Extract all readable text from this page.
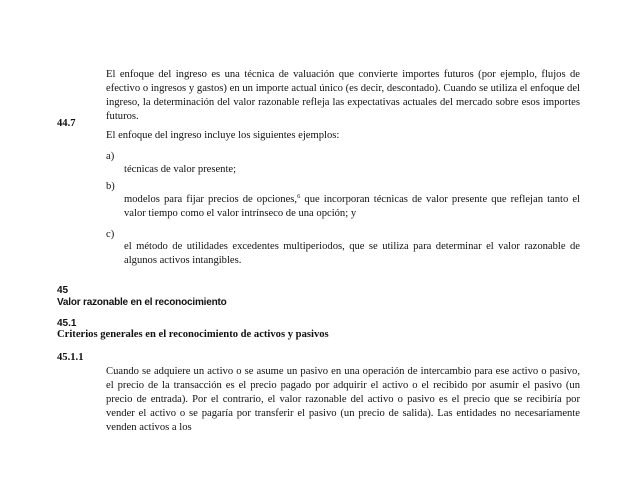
El enfoque del ingreso es una técnica de valuación que convierte importes futuros (por ejemplo, flujos de efectivo o ingresos y gastos) en un importe actual único (es decir, descontado). Cuando se utiliza el enfoque del ingreso, la determinación del valor razonable refleja las expectativas actuales del mercado sobre esos importes futuros.
44.7
El enfoque del ingreso incluye los siguientes ejemplos:
a)
técnicas de valor presente;
b)
modelos para fijar precios de opciones,$^6$ que incorporan técnicas de valor presente que reflejan tanto el valor tiempo como el valor intrínseco de una opción; y
c)
el método de utilidades excedentes multiperiodos, que se utiliza para determinar el valor razonable de algunos activos intangibles.
45
Valor razonable en el reconocimiento
45.1
Criterios generales en el reconocimiento de activos y pasivos
45.1.1
Cuando se adquiere un activo o se asume un pasivo en una operación de intercambio para ese activo o pasivo, el precio de la transacción es el precio pagado por adquirir el activo o el recibido por asumir el pasivo (un precio de entrada). Por el contrario, el valor razonable del activo o pasivo es el precio que se recibiría por vender el activo o se pagaría por transferir el pasivo (un precio de salida). Las entidades no necesariamente venden activos a los
